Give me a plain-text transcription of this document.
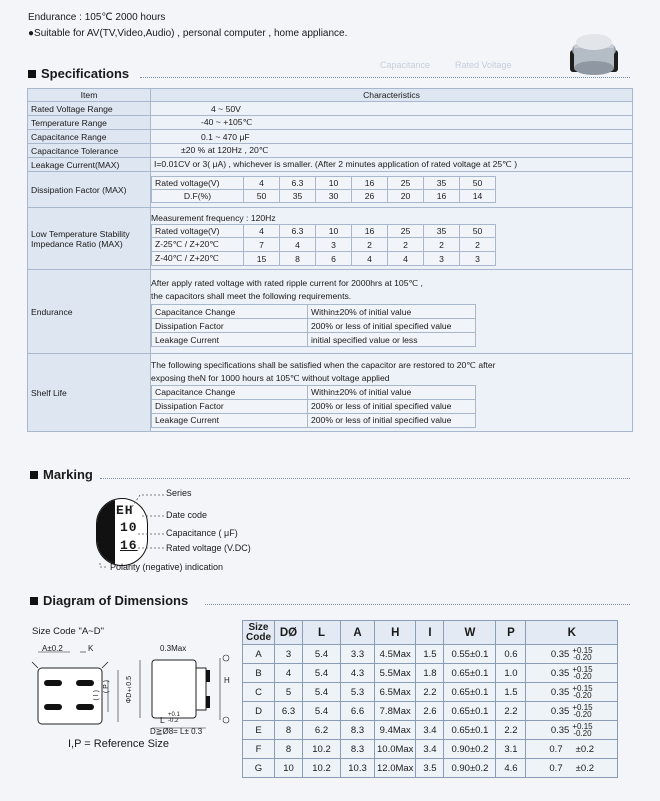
Endurance : 105℃ 2000 hours
●Suitable for AV(TV,Video,Audio) , personal computer , home appliance.
Rated Voltage
Capacitance
Specifications
Item	Characteristics
Rated Voltage Range	4 ~ 50V
Temperature Range	-40 ~ +105℃
Capacitance Range	0.1 ~ 470 μF
Capacitance Tolerance	±20 % at 120Hz , 20℃
Leakage Current(MAX)	I=0.01CV or 3( μA) , whichever is smaller. (After 2 minutes application of rated voltage at 25℃ )
Dissipation Factor (MAX)	
Rated voltage(V)	4	6.3	10	16	25	35	50
D.F(%)	50	35	30	26	20	16	14

Low Temperature Stability
Impedance Ratio (MAX)

Measurement frequency : 120Hz
Rated voltage(V)	4	6.3	10	16	25	35	50
Z-25℃ / Z+20℃	7	4	3	2	2	2	2
Z-40℃ / Z+20℃	15	8	6	4	4	3	3

Endurance	
After apply rated voltage with rated ripple current for 2000hrs at 105℃ ,
the capacitors shall meet the following requirements.
Capacitance Change	Within±20% of initial value
Dissipation Factor	200% or less of initial specified value
Leakage Current	initial specified value or less

Shelf Life	
The following specifications shall be satisfied when the capacitor are restored to 20℃ after
exposing theN for 1000 hours at 105℃ without voltage applied
Capacitance Change	Within±20% of initial value
Dissipation Factor	200% or less of initial specified value
Leakage Current	200% or less of initial specified value
Marking
EH
10
16
Series
Date code
Capacitance ( μF)
Rated voltage (V.DC)
Polarity (negative) indication
Diagram of Dimensions
Size Code "A~D"
A±0.2	K	0.3Max
( P )
( I )	ΦD±0.5	H
L +0.1 -0.2
D≧Ø8= L± 0.3
I,P = Reference Size
Size Code	DØ	L	A	H	I	W	P	K
A	3	5.4	3.3	4.5Max	1.5	0.55±0.1	0.6	0.35 +0.15
-0.20

B	4	5.4	4.3	5.5Max	1.8	0.65±0.1	1.0	0.35 +0.15
-0.20

C	5	5.4	5.3	6.5Max	2.2	0.65±0.1	1.5	0.35 +0.15
-0.20

D	6.3	5.4	6.6	7.8Max	2.6	0.65±0.1	2.2	0.35 +0.15
-0.20

E	8	6.2	8.3	9.4Max	3.4	0.65±0.1	2.2	0.35 +0.15
-0.20

F	8	10.2	8.3	10.0Max	3.4	0.90±0.2	3.1	0.7 ±0.2

G	10	10.2	10.3	12.0Max	3.5	0.90±0.2	4.6	0.7 ±0.2
